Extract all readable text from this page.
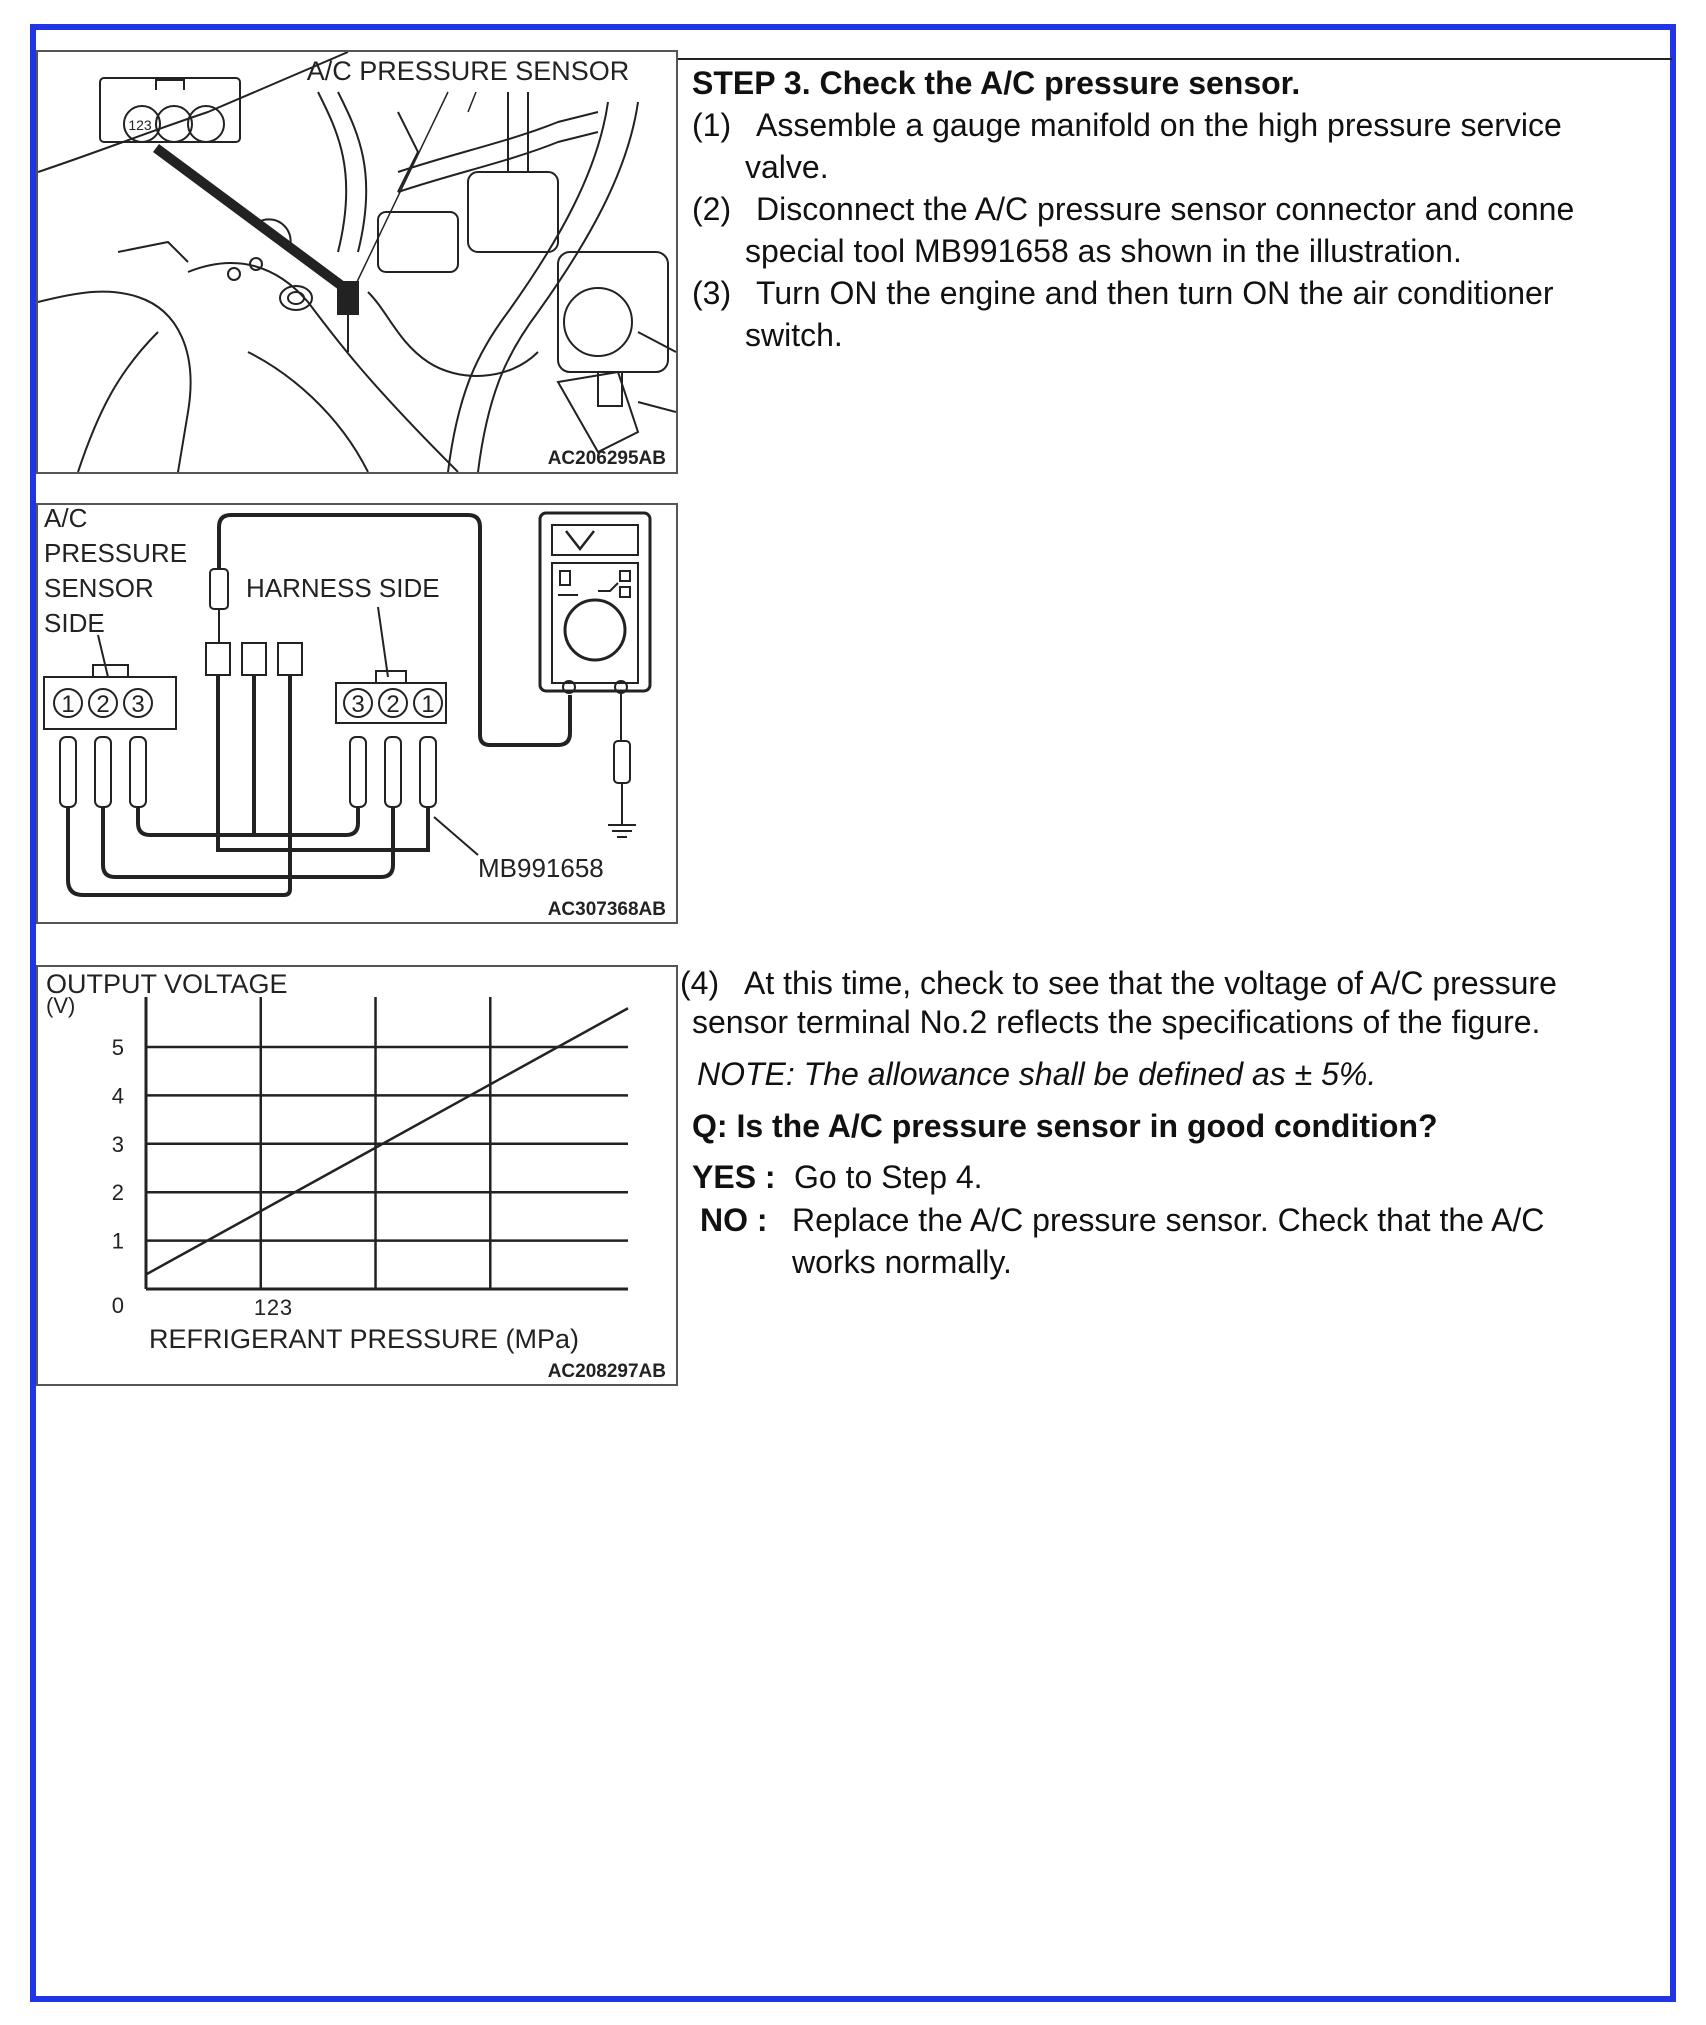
123
A/C PRESSURE SENSOR
AC206295AB
A/C
PRESSURE
SENSOR
SIDE
HARNESS SIDE
V
1 2 3	3 2 1
MB991658
AC307368AB
OUTPUT VOLTAGE
(V)
REFRIGERANT PRESSURE (MPa)
AC208297AB
0
1
2
3
4
5
1 2 3
STEP 3. Check the A/C pressure sensor.
(1) Assemble a gauge manifold on the high pressure service
valve.
(2) Disconnect the A/C pressure sensor connector and conne
special tool MB991658 as shown in the illustration.
(3) Turn ON the engine and then turn ON the air conditioner
switch.
(4) At this time, check to see that the voltage of A/C pressure
sensor terminal No.2 reflects the specifications of the figure.
NOTE: The allowance shall be defined as ± 5%.
Q: Is the A/C pressure sensor in good condition?
YES : Go to Step 4.
NO : Replace the A/C pressure sensor. Check that the A/C
works normally.
